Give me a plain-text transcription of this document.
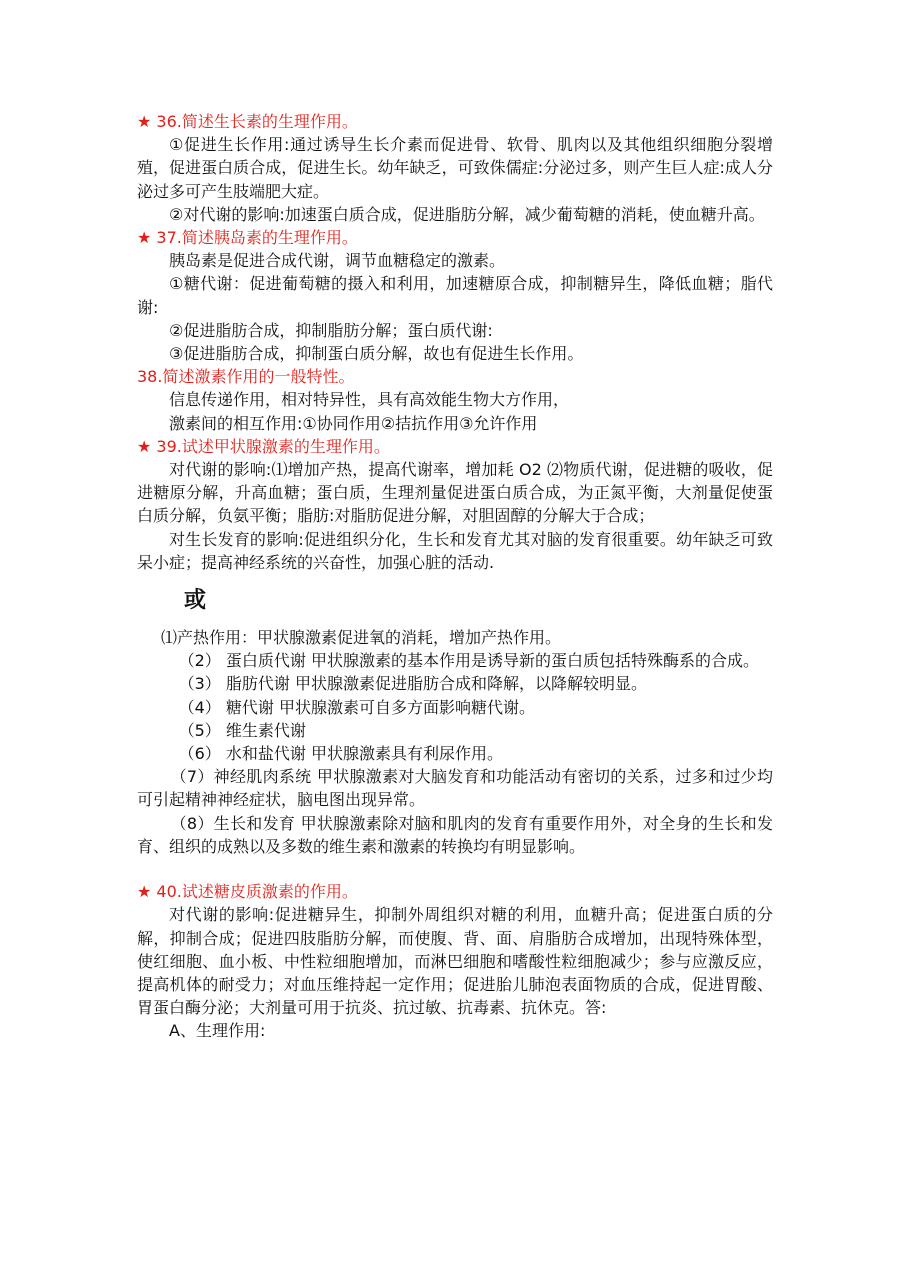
★ 36.简述生长素的生理作用。

①促进生长作用:通过诱导生长介素而促进骨、软骨、肌肉以及其他组织细胞分裂增殖，促进蛋白质合成，促进生长。幼年缺乏，可致侏儒症:分泌过多，则产生巨人症:成人分泌过多可产生肢端肥大症。

②对代谢的影响:加速蛋白质合成，促进脂肪分解，减少葡萄糖的消耗，使血糖升高。

★ 37.简述胰岛素的生理作用。

胰岛素是促进合成代谢，调节血糖稳定的激素。

①糖代谢：促进葡萄糖的摄入和利用，加速糖原合成，抑制糖异生，降低血糖；脂代谢:

②促进脂肪合成，抑制脂肪分解；蛋白质代谢:

③促进脂肪合成，抑制蛋白质分解，故也有促进生长作用。

38.简述激素作用的一般特性。

信息传递作用，相对特异性，具有高效能生物大方作用，

激素间的相互作用:①协同作用②拮抗作用③允许作用

★ 39.试述甲状腺激素的生理作用。

对代谢的影响:⑴增加产热，提高代谢率，增加耗 O2 ⑵物质代谢，促进糖的吸收，促进糖原分解，升高血糖；蛋白质，生理剂量促进蛋白质合成，为正氮平衡，大剂量促使蛋白质分解，负氨平衡；脂肪:对脂肪促进分解，对胆固醇的分解大于合成；

对生长发育的影响:促进组织分化，生长和发育尤其对脑的发育很重要。幼年缺乏可致呆小症；提高神经系统的兴奋性，加强心脏的活动.

或

⑴产热作用：甲状腺激素促进氧的消耗，增加产热作用。

（2） 蛋白质代谢 甲状腺激素的基本作用是诱导新的蛋白质包括特殊酶系的合成。

（3） 脂肪代谢 甲状腺激素促进脂肪合成和降解，以降解较明显。

（4） 糖代谢 甲状腺激素可自多方面影响糖代谢。

（5） 维生素代谢

（6） 水和盐代谢 甲状腺激素具有利尿作用。

（7）神经肌肉系统 甲状腺激素对大脑发育和功能活动有密切的关系，过多和过少均可引起精神神经症状，脑电图出现异常。

（8）生长和发育 甲状腺激素除对脑和肌肉的发育有重要作用外，对全身的生长和发育、组织的成熟以及多数的维生素和激素的转换均有明显影响。

★ 40.试述糖皮质激素的作用。

对代谢的影响:促进糖异生，抑制外周组织对糖的利用，血糖升高；促进蛋白质的分解，抑制合成；促进四肢脂肪分解，而使腹、背、面、肩脂肪合成增加，出现特殊体型，使红细胞、血小板、中性粒细胞增加，而淋巴细胞和嗜酸性粒细胞减少；参与应激反应，提高机体的耐受力；对血压维持起一定作用；促进胎儿肺泡表面物质的合成，促进胃酸、胃蛋白酶分泌；大剂量可用于抗炎、抗过敏、抗毒素、抗休克。答:

A、生理作用:
